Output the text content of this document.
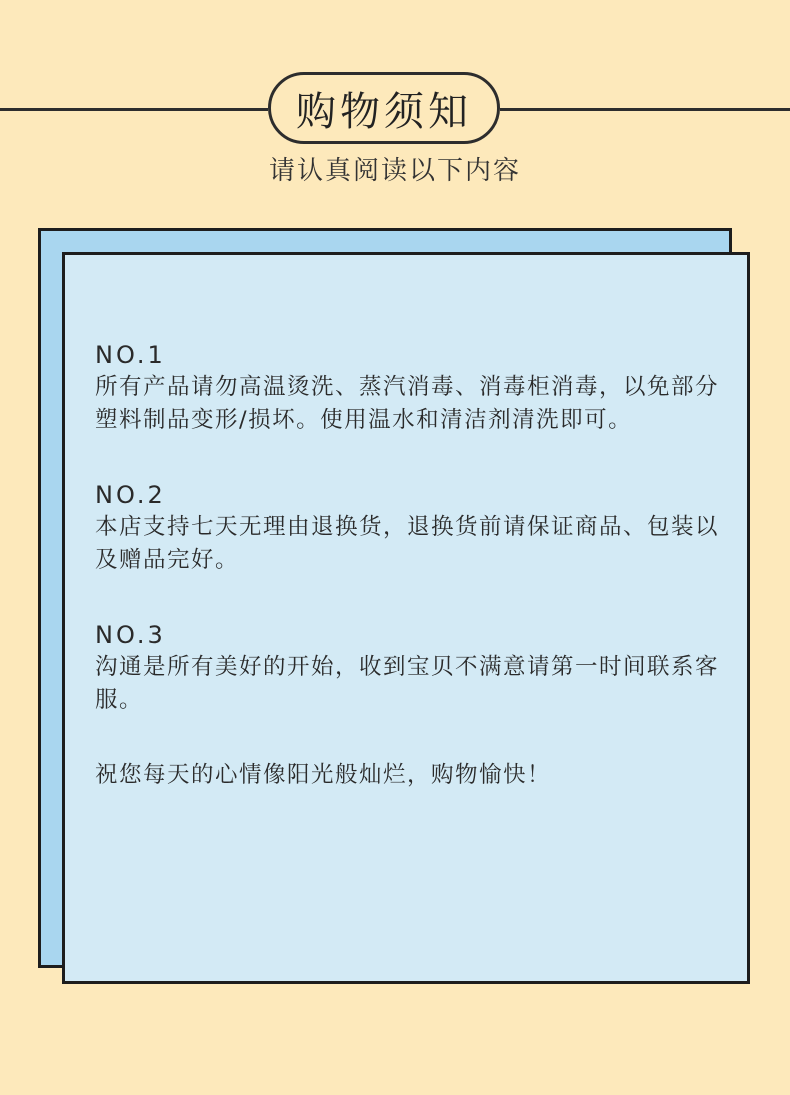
购物须知
请认真阅读以下内容
NO.1
所有产品请勿高温烫洗、蒸汽消毒、消毒柜消毒，以免部分塑料制品变形/损坏。使用温水和清洁剂清洗即可。
NO.2
本店支持七天无理由退换货，退换货前请保证商品、包装以及赠品完好。
NO.3
沟通是所有美好的开始，收到宝贝不满意请第一时间联系客服。
祝您每天的心情像阳光般灿烂，购物愉快！
